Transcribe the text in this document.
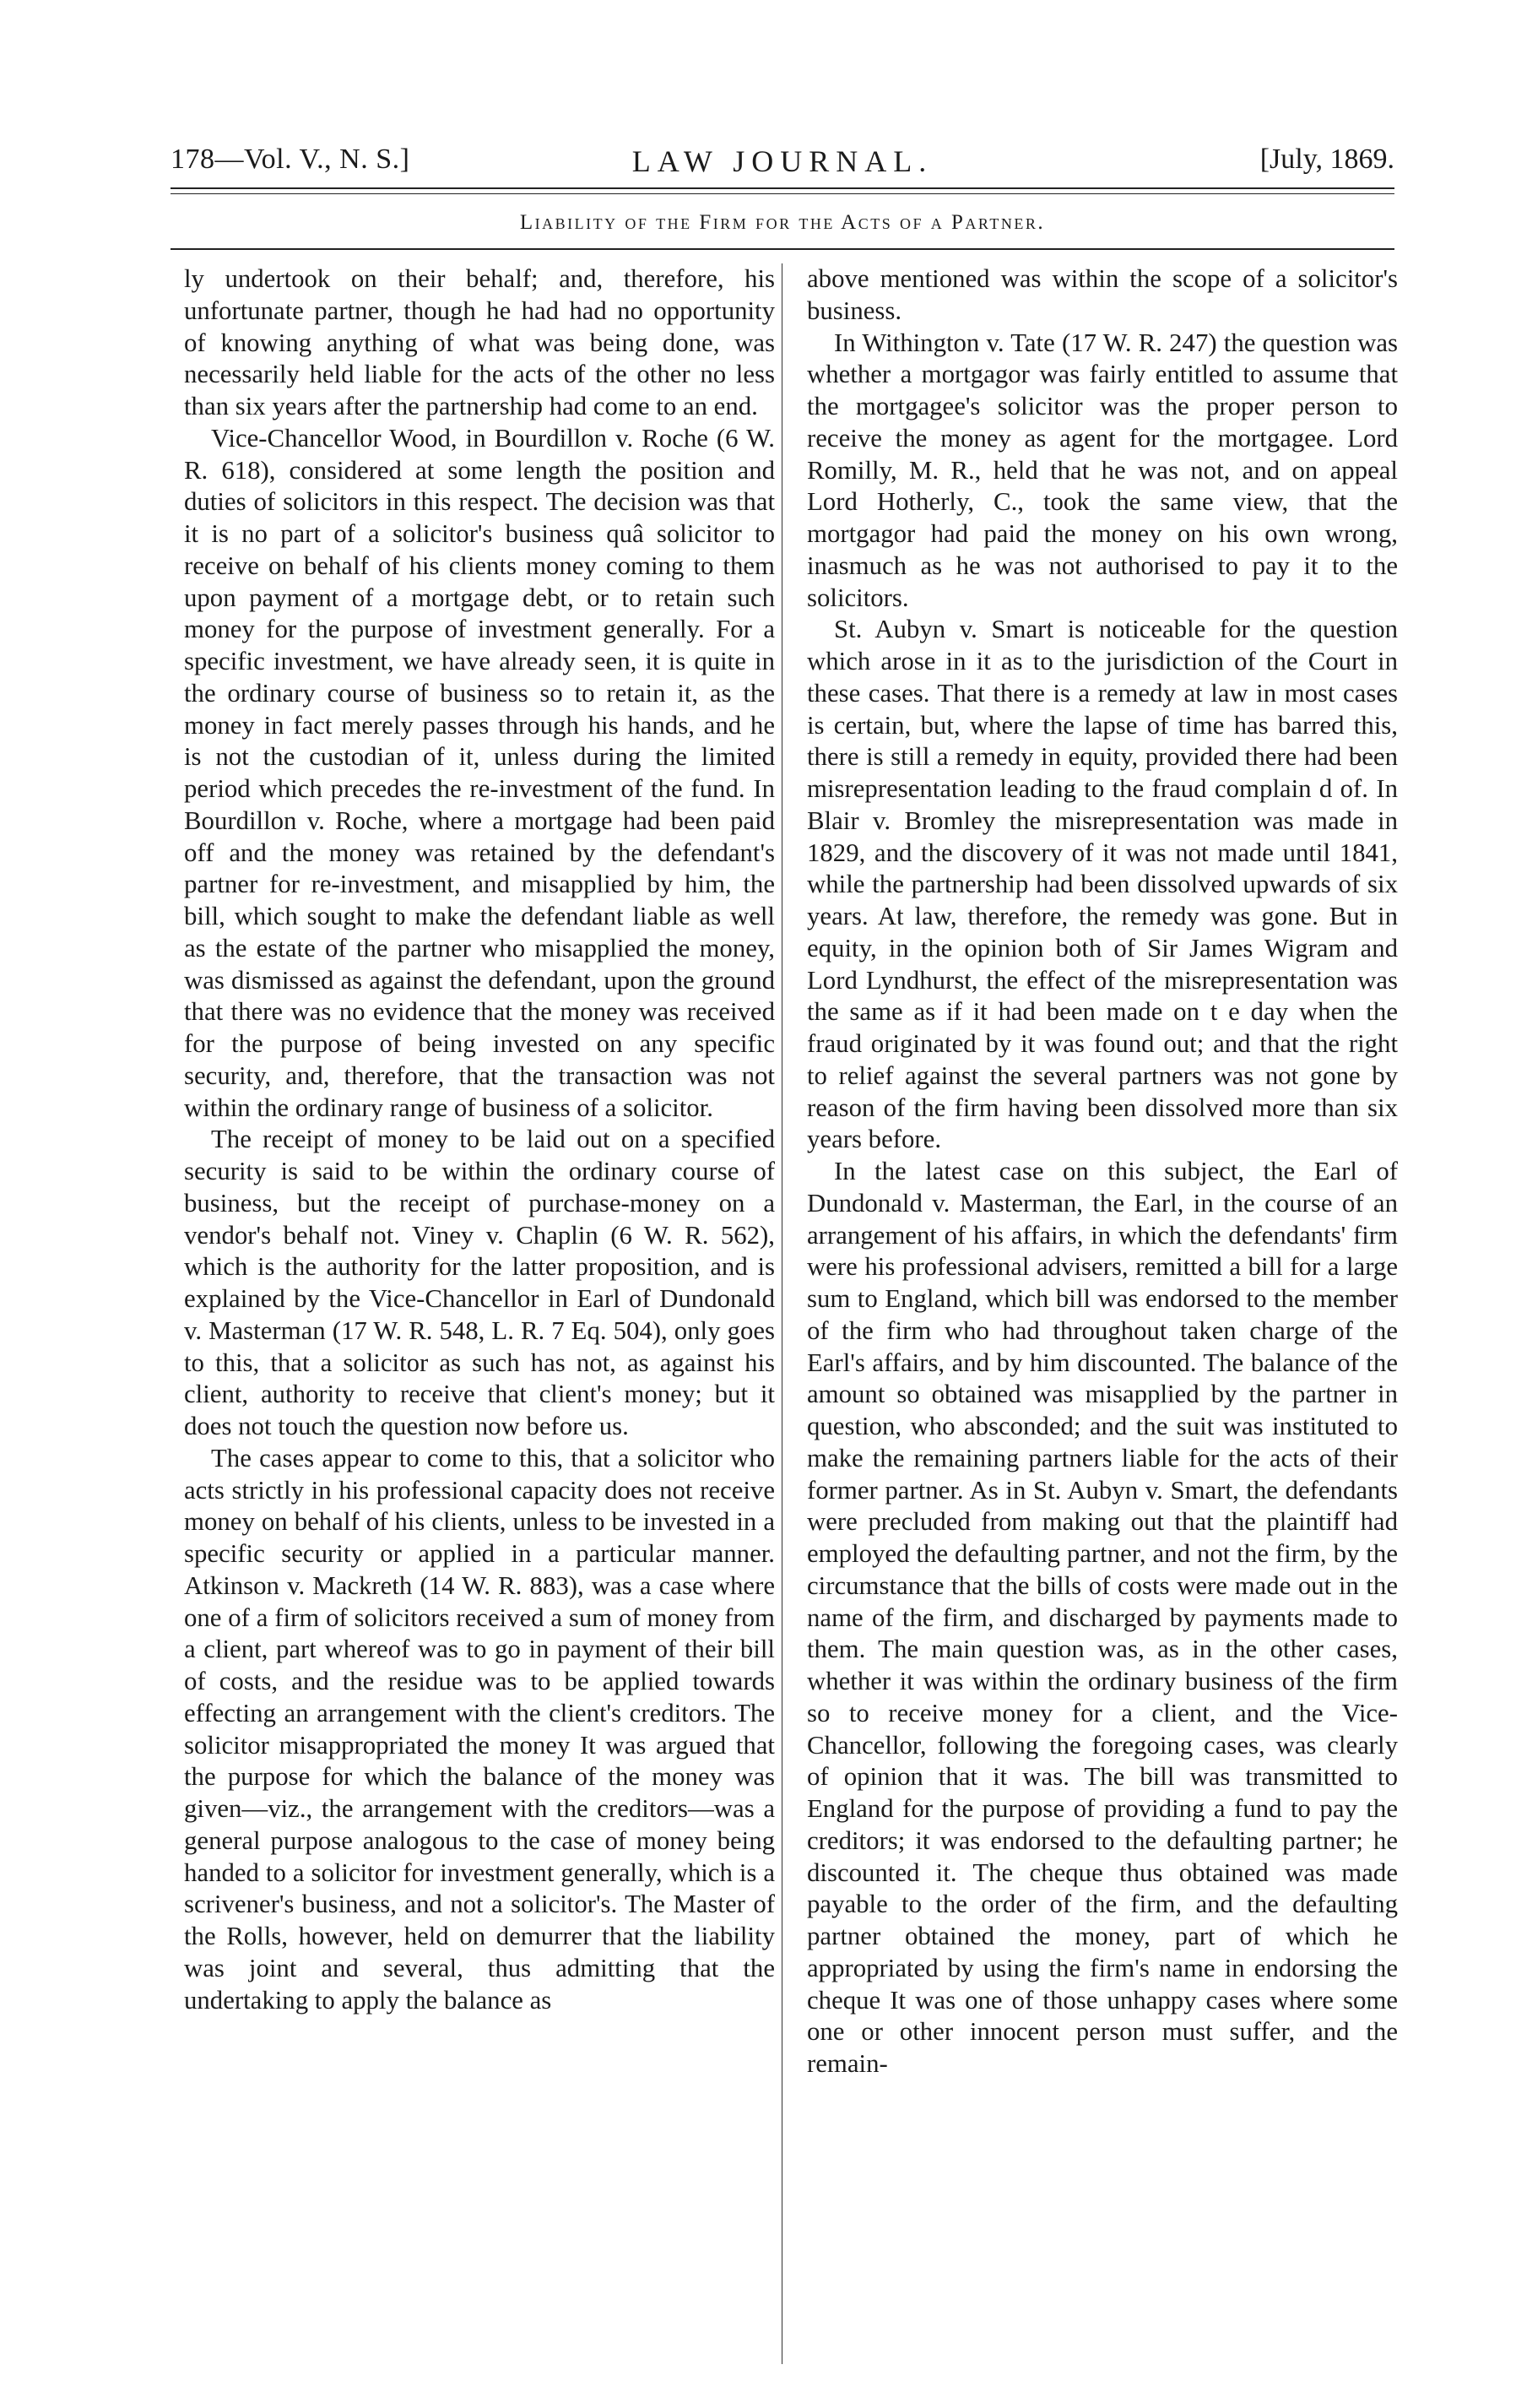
178—Vol. V., N. S.]	LAW JOURNAL.	[July, 1869.
Liability of the Firm for the Acts of a Partner.

ly undertook on their behalf; and, therefore, his unfortunate partner, though he had had no opportunity of knowing anything of what was being done, was necessarily held liable for the acts of the other no less than six years after the partnership had come to an end.

Vice-Chancellor Wood, in Bourdillon v. Roche (6 W. R. 618), considered at some length the position and duties of solicitors in this respect. The decision was that it is no part of a solicitor's business quâ solicitor to receive on behalf of his clients money coming to them upon payment of a mortgage debt, or to retain such money for the purpose of investment generally. For a specific investment, we have already seen, it is quite in the ordinary course of business so to retain it, as the money in fact merely passes through his hands, and he is not the custodian of it, unless during the limited period which precedes the re-investment of the fund. In Bourdillon v. Roche, where a mortgage had been paid off and the money was retained by the defendant's partner for re-investment, and misapplied by him, the bill, which sought to make the defendant liable as well as the estate of the partner who misapplied the money, was dismissed as against the defendant, upon the ground that there was no evidence that the money was received for the purpose of being invested on any specific security, and, therefore, that the transaction was not within the ordinary range of business of a solicitor.

The receipt of money to be laid out on a specified security is said to be within the ordinary course of business, but the receipt of purchase-money on a vendor's behalf not. Viney v. Chaplin (6 W. R. 562), which is the authority for the latter proposition, and is explained by the Vice-Chancellor in Earl of Dundonald v. Masterman (17 W. R. 548, L. R. 7 Eq. 504), only goes to this, that a solicitor as such has not, as against his client, authority to receive that client's money; but it does not touch the question now before us.

The cases appear to come to this, that a solicitor who acts strictly in his professional capacity does not receive money on behalf of his clients, unless to be invested in a specific security or applied in a particular manner. Atkinson v. Mackreth (14 W. R. 883), was a case where one of a firm of solicitors received a sum of money from a client, part whereof was to go in payment of their bill of costs, and the residue was to be applied towards effecting an arrangement with the client's creditors. The solicitor misappropriated the money It was argued that the purpose for which the balance of the money was given—viz., the arrangement with the creditors—was a general purpose analogous to the case of money being handed to a solicitor for investment generally, which is a scrivener's business, and not a solicitor's. The Master of the Rolls, however, held on demurrer that the liability was joint and several, thus admitting that the undertaking to apply the balance as

above mentioned was within the scope of a solicitor's business.

In Withington v. Tate (17 W. R. 247) the question was whether a mortgagor was fairly entitled to assume that the mortgagee's solicitor was the proper person to receive the money as agent for the mortgagee. Lord Romilly, M. R., held that he was not, and on appeal Lord Hotherly, C., took the same view, that the mortgagor had paid the money on his own wrong, inasmuch as he was not authorised to pay it to the solicitors.

St. Aubyn v. Smart is noticeable for the question which arose in it as to the jurisdiction of the Court in these cases. That there is a remedy at law in most cases is certain, but, where the lapse of time has barred this, there is still a remedy in equity, provided there had been misrepresentation leading to the fraud complain d of. In Blair v. Bromley the misrepresentation was made in 1829, and the discovery of it was not made until 1841, while the partnership had been dissolved upwards of six years. At law, therefore, the remedy was gone. But in equity, in the opinion both of Sir James Wigram and Lord Lyndhurst, the effect of the misrepresentation was the same as if it had been made on t e day when the fraud originated by it was found out; and that the right to relief against the several partners was not gone by reason of the firm having been dissolved more than six years before.

In the latest case on this subject, the Earl of Dundonald v. Masterman, the Earl, in the course of an arrangement of his affairs, in which the defendants' firm were his professional advisers, remitted a bill for a large sum to England, which bill was endorsed to the member of the firm who had throughout taken charge of the Earl's affairs, and by him discounted. The balance of the amount so obtained was misapplied by the partner in question, who absconded; and the suit was instituted to make the remaining partners liable for the acts of their former partner. As in St. Aubyn v. Smart, the defendants were precluded from making out that the plaintiff had employed the defaulting partner, and not the firm, by the circumstance that the bills of costs were made out in the name of the firm, and discharged by payments made to them. The main question was, as in the other cases, whether it was within the ordinary business of the firm so to receive money for a client, and the Vice-Chancellor, following the foregoing cases, was clearly of opinion that it was. The bill was transmitted to England for the purpose of providing a fund to pay the creditors; it was endorsed to the defaulting partner; he discounted it. The cheque thus obtained was made payable to the order of the firm, and the defaulting partner obtained the money, part of which he appropriated by using the firm's name in endorsing the cheque It was one of those unhappy cases where some one or other innocent person must suffer, and the remain-
